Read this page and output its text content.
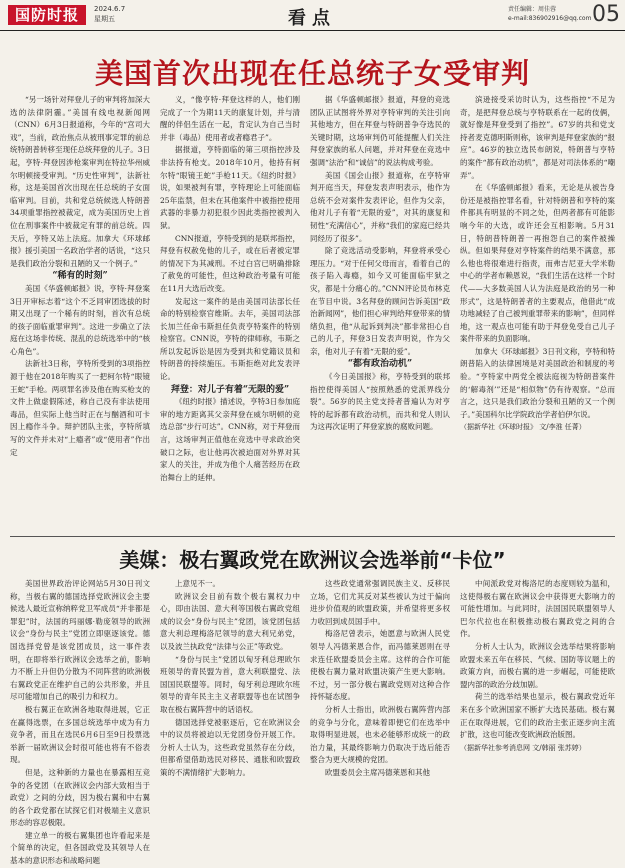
国防时报	2024.6.7
星期五	看点	责任编辑：周佳蓉
e-mail:836902916@qq.com 05
美国首次出现在任总统子女受审判

“另一场针对拜登儿子的审判将加深大选的法律阴霾。”美国有线电视新闻网（CNN）6月3日报道称，今年的“宫司大戏”，当前，政治焦点从被刑事定罪的前总统特朗普转移至现任总统拜登的儿子。3日起，亨特·拜登因涉枪案审判在特拉华州威尔明顿接受审判。“历史性审判”，法新社称，这是美国首次出现在任总统的子女面临审判。目前，共和党总统候选人特朗普34项重罪指控被裁定，成为美国历史上首位在刑事案件中被裁定有罪的前总统。四天后，亨特又站上法庭。加拿大《环球邮报》援引美国一名政治学者的话说，“这只是我们政治分裂和丑陋的又一个例子。”

“稀有的时刻”

美国《华盛顿邮报》说，亨特·拜登案3日开审标志着“这个不乏同审团选拔的时期又出现了一个稀有的时刻，首次有总统的孩子面临重罪审判”。这进一步确立了法庭在这场非传统、混乱的总统选举中的“核心角色”。

法新社3日称，亨特所受到的3项指控源于他在2018年购买了一把柯尔特“眼镜王蛇”手枪。两项罪名涉及他在购买枪支的文件上做虚假陈述，称自己没有非法使用毒品，但实际上他当时正在与酗酒和可卡因上瘾作斗争。辩护团队主张，亨特所填写的文件并未对“上瘾者”或“使用者”作出定

义，“像亨特·拜登这样的人，他们刚完成了一个为期11天的康复计划，并与清醒的伴侣生活在一起，肯定认为自己当时并非（毒品）使用者或者瘾君子”。

据报道，亨特面临的第三项指控涉及非法持有枪支。2018年10月，他持有柯尔特“眼镜王蛇”手枪11天。《纽约时报》说，如果被判有罪，亨特理论上可能面临25年监禁，但未在其他案件中被指控使用武器的非暴力初犯很少因此类指控被判入狱。

CNN报道，亨特受到的是联邦指控，拜登有权赦免他的儿子，或在后者被定罪的情况下为其减刑。不过白宫已明确排除了赦免的可能性，但这种政治考量有可能在11月大选后改变。

发起这一案件的是由美国司法部长任命的特别检察官维斯。去年，美国司法部长加兰任命韦斯担任负责亨特案件的特别检察官。CNN说，亨特的律师称，韦斯之所以发起诉讼是因为受到共和党籍议员和特朗普的持续施压。韦斯拒绝对此发表评论。

拜登：对儿子有着“无限的爱”

《纽约时报》描述说，亨特3日参加庭审的地方距离其父亲拜登在威尔明顿的竞选总部“步行可达”。CNN称，对于拜登而言，这场审判正值他在竞选中寻求政治突破口之际，也让他再次被迫面对外界对其家人的关注，并成为他个人痛苦经历在政治舞台上的延伸。

据《华盛顿邮报》报道，拜登的竞选团队正试图将外界对亨特审判的关注引向其他地方，但在拜登与特朗普争夺选民的关键时期，这场审判仍可能提醒人们关注拜登家族的私人问题，并对拜登在竞选中强调“法治”和“诚信”的说法构成考验。

美国《国会山报》报道称，在亨特审判开庭当天，拜登发表声明表示，他作为总统不会对案件发表评论，但作为父亲，他对儿子有着“无限的爱”，对其的康复和韧性“充满信心”，并称“我们的家庭已经共同经历了很多”。

除了竞选活动受影响，拜登将承受心理压力。“对于任何父母而言，看着自己的孩子陷入毒瘾，如今又可能面临牢狱之灾，都是十分痛心的。”CNN评论员布林克在节目中说。3名拜登的顾问告诉美国“政治新闻网”，他们担心审判给拜登带来的情绪负担，他“从起诉到判决”都非常担心自己的儿子，拜登3日发表声明说，作为父亲，他对儿子有着“无限的爱”。

“都有政治动机”

《今日美国报》称，亨特受到的联邦指控使得美国人“按照熟悉的党派界线分裂”。56岁的民主党支持者普遍认为对亨特的起诉都有政治动机，而共和党人则认为这再次证明了拜登家族的腐败问题。

滨逊接受采访时认为，这些指控“不足为奇，是把拜登总统与亨特联系在一起的伎俩，就好像是拜登受到了指控”。67岁的共和党支持者麦克德明斯则称，该审判是拜登家族的“报应”。46岁的独立选民布朗说，特朗普与亨特的案件“都有政治动机”，都是对司法体系的“嘲弄”。

在《华盛顿邮报》看来，无论是从被告身份还是被指控罪名看，针对特朗普和亨特的案件都具有明显的不同之处，但两者都有可能影响今年的大选，或许还会互相影响。5月31日，特朗普特朗普一再抱怨自己的案件被操纵。但如果拜登对亨特案件的结果不满意，那么他也将很难进行指责，而弗吉尼亚大学米勒中心的学者布赖恩说，“我们生活在这样一个时代——大多数美国人认为法庭是政治的另一种形式”，这是特朗普者的主要观点，他借此“成功地减轻了自己被判重罪带来的影响”，但同样地，这一观点也可能有助于拜登免受自己儿子案件带来的负面影响。

加拿大《环球邮报》3日刊文称，亨特和特朗普陷入的法律困境是对美国政治和制度的考验。“亨特家中两党全被法庭视为特朗普案件的‘解毒剂’”还是“相似物”仍有待观察。“总而言之，这只是我们政治分裂和丑陋的又一个例子。”美国科尔比学院政治学者伯伊尔说。

（据新华社《环球时报》 文/李淮 任菁）

美媒：极右翼政党在欧洲议会选举前“卡位”

美国世界政治评论网站5月30日刊文称，当极右翼的德国选择党欧洲议会主要候选人最近宣称纳粹党卫军成员“并非都是罪犯”时，法国的玛丽娜·勒庞领导的欧洲议会“身份与民主”党团立即驱逐该党。德国选择党曾是该党团成员，这一事件表明，在即将举行欧洲议会选举之前，影响力不断上升但仍分散为不同阵营的欧洲极右翼政党正在维护自己的公共形象，并且尽可能增加自己的吸引力和权力。

极右翼正在欧洲各地取得进展，它正在赢得选票，在多国总统选举中成为有力竞争者，而且在选民6月6日至9日投票选举新一届欧洲议会时很可能也将有不俗表现。

但是，这种新的力量也在暴露相互竞争的各党团（在欧洲议会内部大致相当于政党）之间的分歧，因为极右翼和中右翼的各个政党都在试探它们对极端主义意识形态的容忍极限。

建立单一的极右翼集团也许看起来是个简单的决定，但各国政党及其领导人在基本的意识形态和战略问题

上意见不一。

欧洲议会目前有数个极右翼权力中心，即由法国、意大利等国极右翼政党组成的议会“身份与民主”党团，该党团包括意大利总理梅洛尼领导的意大利兄弟党，以及波兰执政党“法律与公正”等政党。

“身份与民主”党团以匈牙利总理欧尔班领导的青民盟为首，意大利联盟党、法国国民联盟等。同时，匈牙利总理欧尔班领导的青年民主主义者联盟等也在试图争取在极右翼阵营中的话语权。

德国选择党被驱逐后，它在欧洲议会中的议员将被迫以无党团身份开展工作。分析人士认为，这些政党虽然存在分歧，但都希望借助选民对移民、通胀和欧盟政策的不满情绪扩大影响力。

这些政党通常强调民族主义、反移民立场，它们尤其反对某些被认为过于偏向进步价值观的欧盟政策，并希望将更多权力收回到成员国手中。

梅洛尼曾表示，她愿意与欧洲人民党领导人冯德莱恩合作，而冯德莱恩则在寻求连任欧盟委员会主席。这样的合作可能使极右翼力量对欧盟决策产生更大影响。不过，另一部分极右翼政党则对这种合作持怀疑态度。

分析人士指出，欧洲极右翼阵营内部的竞争与分化，意味着即便它们在选举中取得明显进展，也未必能够形成统一的政治力量，其最终影响力仍取决于选后能否整合为更大规模的党团。

欧盟委员会主席冯德莱恩和其他

中间派政党对梅洛尼的态度则较为温和，这使得极右翼在欧洲议会中获得更大影响力的可能性增加。与此同时，法国国民联盟领导人巴尔代拉也在积极推动极右翼政党之间的合作。

分析人士认为，欧洲议会选举结果将影响欧盟未来五年在移民、气候、国防等议题上的政策方向，而极右翼的进一步崛起，可能使欧盟内部的政治分歧加剧。

荷兰的选举结果也显示，极右翼政党近年来在多个欧洲国家不断扩大选民基础。极右翼正在取得进展，它们的政治主张正逐步向主流扩散，这也可能改变欧洲政治版图。

（据新华社参考消息网 文/韩丽 张苏婷）
